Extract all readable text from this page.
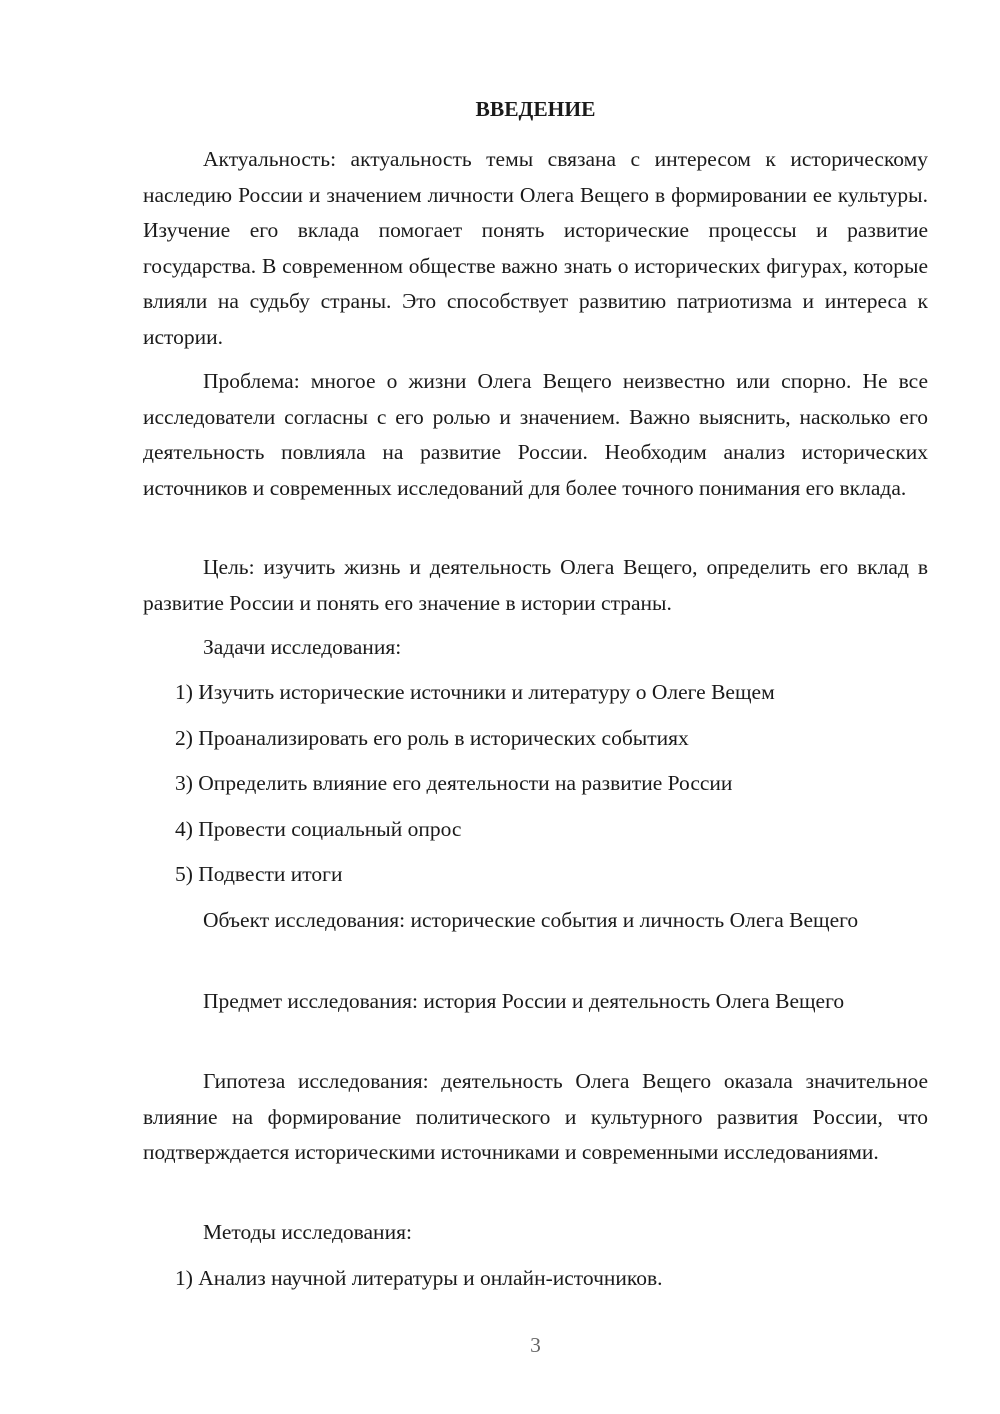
ВВЕДЕНИЕ

Актуальность: актуальность темы связана с интересом к историческому наследию России и значением личности Олега Вещего в формировании ее культуры. Изучение его вклада помогает понять исторические процессы и развитие государства. В современном обществе важно знать о исторических фигурах, которые влияли на судьбу страны. Это способствует развитию патриотизма и интереса к истории.

Проблема: многое о жизни Олега Вещего неизвестно или спорно. Не все исследователи согласны с его ролью и значением. Важно выяснить, насколько его деятельность повлияла на развитие России. Необходим анализ исторических источников и современных исследований для более точного понимания его вклада.

Цель: изучить жизнь и деятельность Олега Вещего, определить его вклад в развитие России и понять его значение в истории страны.

Задачи исследования:

1) Изучить исторические источники и литературу о Олеге Вещем

2) Проанализировать его роль в исторических событиях

3) Определить влияние его деятельности на развитие России

4) Провести социальный опрос

5) Подвести итоги

Объект исследования: исторические события и личность Олега Вещего

Предмет исследования: история России и деятельность Олега Вещего

Гипотеза исследования: деятельность Олега Вещего оказала значительное влияние на формирование политического и культурного развития России, что подтверждается историческими источниками и современными исследованиями.

Методы исследования:

1) Анализ научной литературы и онлайн-источников.

3
